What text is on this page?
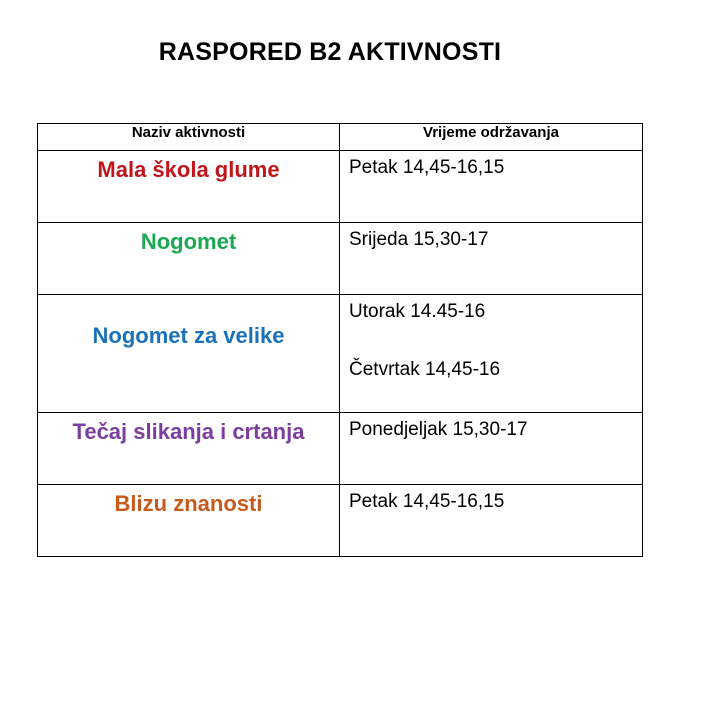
RASPORED B2 AKTIVNOSTI
Naziv aktivnosti	Vrijeme održavanja

Mala škola glume	Petak 14,45-16,15

Nogomet	Srijeda 15,30-17

Nogomet za velike	Utorak 14.45-16
Četvrtak 14,45-16

Tečaj slikanja i crtanja	Ponedjeljak 15,30-17

Blizu znanosti	Petak 14,45-16,15
